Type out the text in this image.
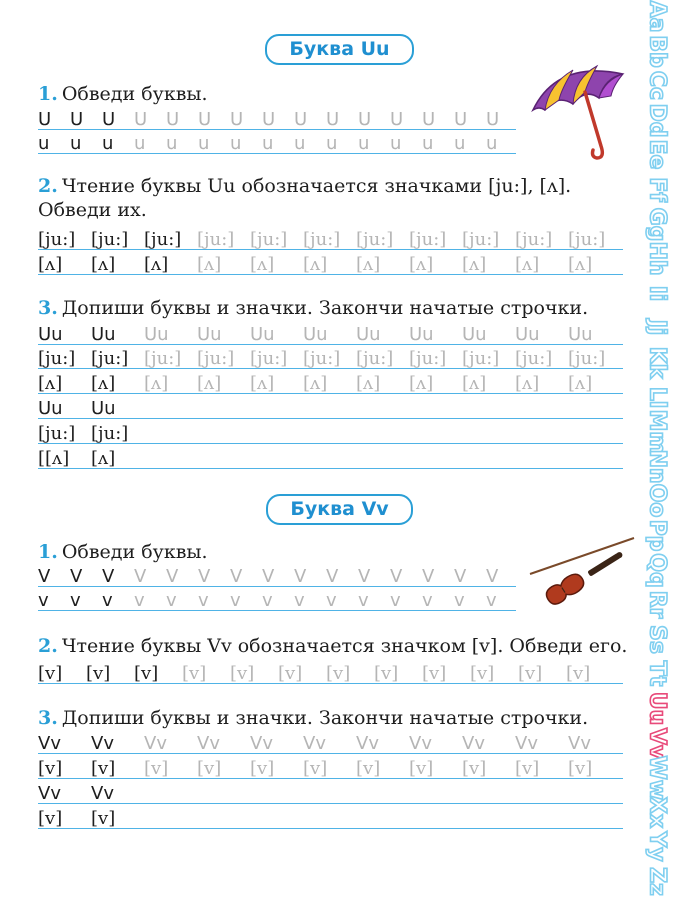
Буква Uu
1. Обведи буквы.
U U U U U U U U U U U U U U U
u u u u u u u u u u u u u u u
2. Чтение буквы Uu обозначается значками [ju:], [ʌ]. Обведи их.
[ju:] [ju:] [ju:] [ju:] [ju:] [ju:] [ju:] [ju:] [ju:] [ju:] [ju:]
[ʌ] [ʌ] [ʌ] [ʌ] [ʌ] [ʌ] [ʌ] [ʌ] [ʌ] [ʌ] [ʌ]
3. Допиши буквы и значки. Закончи начатые строчки.
Uu Uu Uu Uu Uu Uu Uu Uu Uu Uu Uu
[ju:] [ju:] [ju:] [ju:] [ju:] [ju:] [ju:] [ju:] [ju:] [ju:] [ju:]
[ʌ] [ʌ] [ʌ] [ʌ] [ʌ] [ʌ] [ʌ] [ʌ] [ʌ] [ʌ] [ʌ]
Uu Uu
[ju:] [ju:]
[[ʌ] [ʌ]
Буква Vv
1. Обведи буквы.
V V V V V V V V V V V V V V V
v v v v v v v v v v v v v v v
2. Чтение буквы Vv обозначается значком [v]. Обведи его.
[v] [v] [v] [v] [v] [v] [v] [v] [v] [v] [v] [v]
3. Допиши буквы и значки. Закончи начатые строчки.
Vv Vv Vv Vv Vv Vv Vv Vv Vv Vv Vv
[v] [v] [v] [v] [v] [v] [v] [v] [v] [v] [v]
Vv Vv
[v] [v]
Aa
Bb
Cc
Dd
Ee
Ff
Gg
Hh
Ii
Jj
Kk
Ll
Mm
Nn
Oo
Pp
Qq
Rr
Ss
Tt
Uu
Vv
Ww
Xx
Yy
Zz
